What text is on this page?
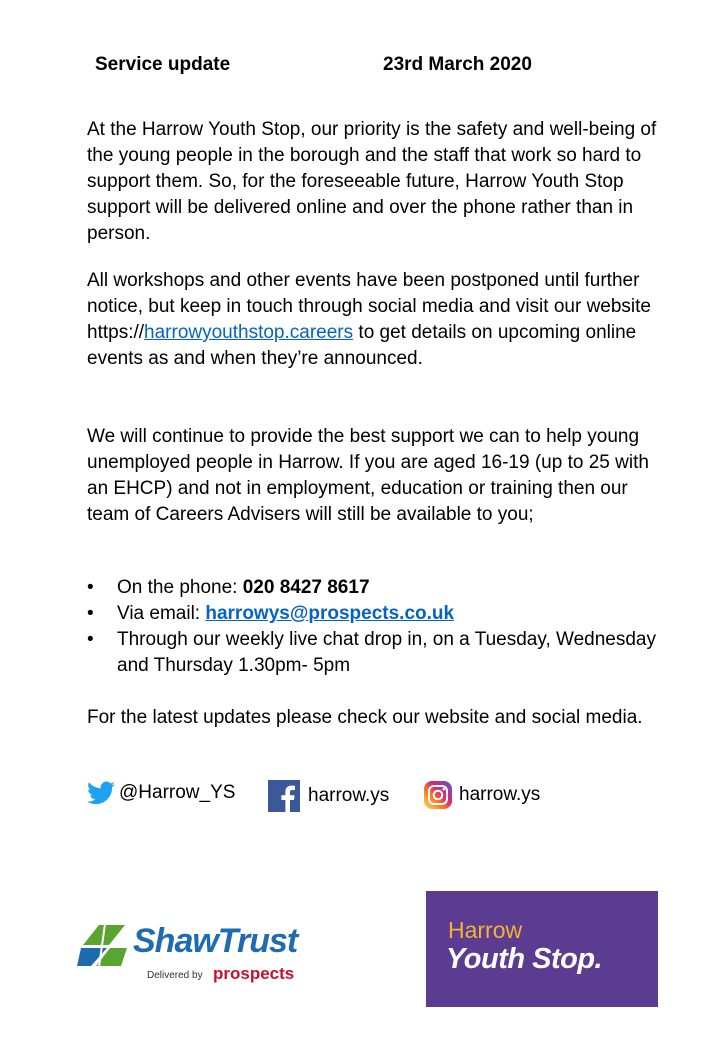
Service update	23rd March 2020

At the Harrow Youth Stop, our priority is the safety and well-being of the young people in the borough and the staff that work so hard to support them. So, for the foreseeable future, Harrow Youth Stop support will be delivered online and over the phone rather than in person.

All workshops and other events have been postponed until further notice, but keep in touch through social media and visit our website https://harrowyouthstop.careers to get details on upcoming online events as and when they’re announced.

We will continue to provide the best support we can to help young unemployed people in Harrow. If you are aged 16-19 (up to 25 with an EHCP) and not in employment, education or training then our team of Careers Advisers will still be available to you;

• On the phone: 020 8427 8617
• Via email: harrowys@prospects.co.uk
• Through our weekly live chat drop in, on a Tuesday, Wednesday and Thursday 1.30pm- 5pm

For the latest updates please check our website and social media.

@Harrow_YS	harrow.ys	harrow.ys
ShawTrust
Delivered by prospects
Harrow
Youth Stop.
